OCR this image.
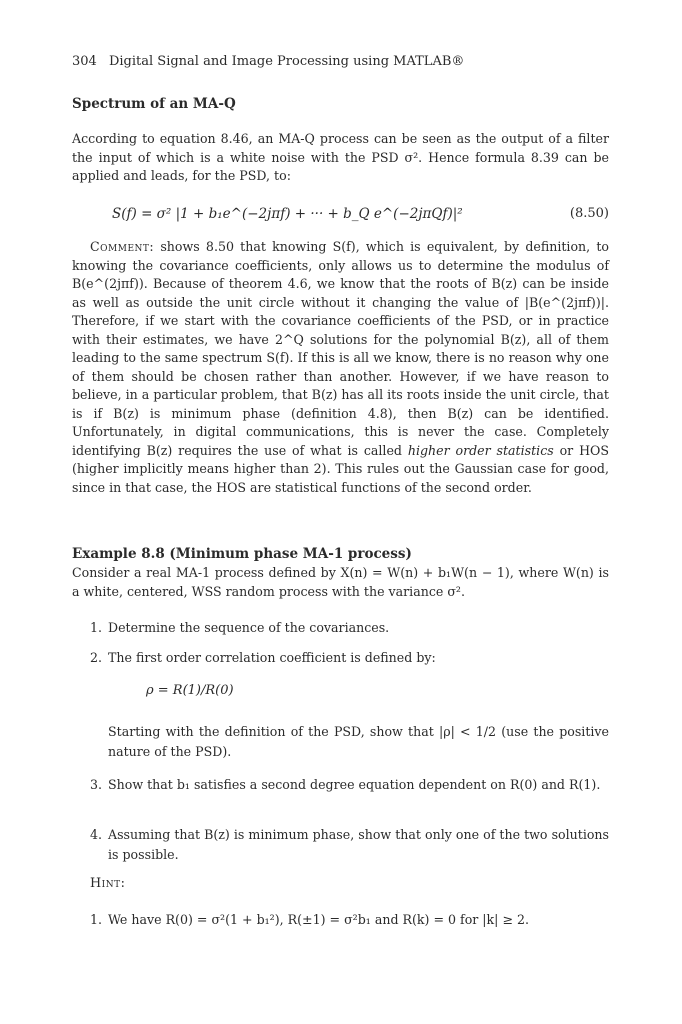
304 Digital Signal and Image Processing using MATLAB®
Spectrum of an MA-Q

According to equation 8.46, an MA-Q process can be seen as the output of a filter the input of which is a white noise with the PSD σ². Hence formula 8.39 can be applied and leads, for the PSD, to:

S(f) = σ² |1 + b₁e^(−2jπf) + ··· + b_Q e^(−2jπQf)|²	(8.50)

Comment: shows 8.50 that knowing S(f), which is equivalent, by definition, to knowing the covariance coefficients, only allows us to determine the modulus of B(e^(2jπf)). Because of theorem 4.6, we know that the roots of B(z) can be inside as well as outside the unit circle without it changing the value of |B(e^(2jπf))|. Therefore, if we start with the covariance coefficients of the PSD, or in practice with their estimates, we have 2^Q solutions for the polynomial B(z), all of them leading to the same spectrum S(f). If this is all we know, there is no reason why one of them should be chosen rather than another. However, if we have reason to believe, in a particular problem, that B(z) has all its roots inside the unit circle, that is if B(z) is minimum phase (definition 4.8), then B(z) can be identified. Unfortunately, in digital communications, this is never the case. Completely identifying B(z) requires the use of what is called higher order statistics or HOS (higher implicitly means higher than 2). This rules out the Gaussian case for good, since in that case, the HOS are statistical functions of the second order.

Example 8.8 (Minimum phase MA-1 process)

Consider a real MA-1 process defined by X(n) = W(n) + b₁W(n − 1), where W(n) is a white, centered, WSS random process with the variance σ².

1. Determine the sequence of the covariances.
2. The first order correlation coefficient is defined by:
ρ = R(1)/R(0)
Starting with the definition of the PSD, show that |ρ| < 1/2 (use the positive nature of the PSD).
3. Show that b₁ satisfies a second degree equation dependent on R(0) and R(1).
4. Assuming that B(z) is minimum phase, show that only one of the two solutions is possible.
Hint:
1. We have R(0) = σ²(1 + b₁²), R(±1) = σ²b₁ and R(k) = 0 for |k| ≥ 2.
